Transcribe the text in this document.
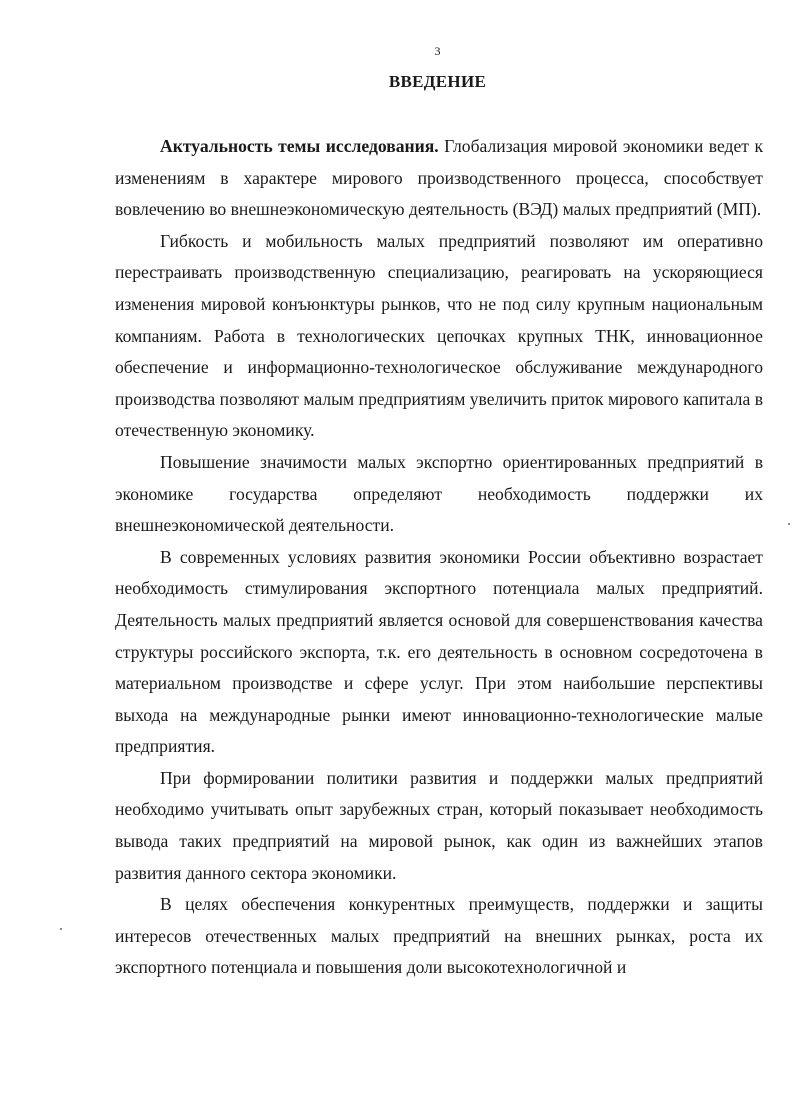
3
ВВЕДЕНИЕ

Актуальность темы исследования. Глобализация мировой экономики ведет к изменениям в характере мирового производственного процесса, способствует вовлечению во внешнеэкономическую деятельность (ВЭД) малых предприятий (МП).

Гибкость и мобильность малых предприятий позволяют им оперативно перестраивать производственную специализацию, реагировать на ускоряющиеся изменения мировой конъюнктуры рынков, что не под силу крупным национальным компаниям. Работа в технологических цепочках крупных ТНК, инновационное обеспечение и информационно-технологическое обслуживание международного производства позволяют малым предприятиям увеличить приток мирового капитала в отечественную экономику.

Повышение значимости малых экспортно ориентированных предприятий в экономике государства определяют необходимость поддержки их внешнеэкономической деятельности.

В современных условиях развития экономики России объективно возрастает необходимость стимулирования экспортного потенциала малых предприятий. Деятельность малых предприятий является основой для совершенствования качества структуры российского экспорта, т.к. его деятельность в основном сосредоточена в материальном производстве и сфере услуг. При этом наибольшие перспективы выхода на международные рынки имеют инновационно-технологические малые предприятия.

При формировании политики развития и поддержки малых предприятий необходимо учитывать опыт зарубежных стран, который показывает необходимость вывода таких предприятий на мировой рынок, как один из важнейших этапов развития данного сектора экономики.

В целях обеспечения конкурентных преимуществ, поддержки и защиты интересов отечественных малых предприятий на внешних рынках, роста их экспортного потенциала и повышения доли высокотехнологичной и
